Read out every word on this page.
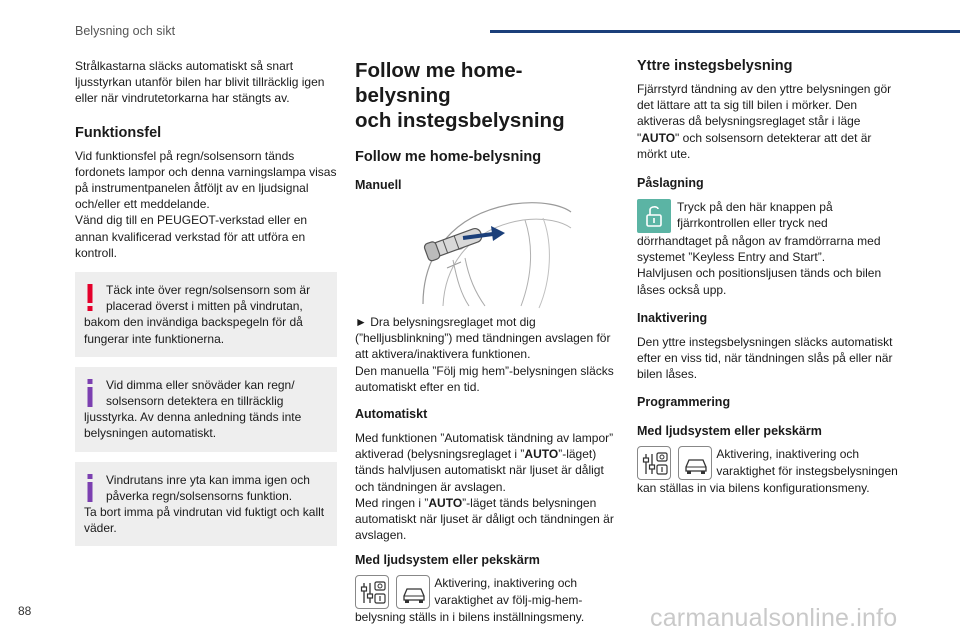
Belysning och sikt

Strålkastarna släcks automatiskt så snart ljusstyrkan utanför bilen har blivit tillräcklig igen eller när vindrutetorkarna har stängts av.

Funktionsfel

Vid funktionsfel på regn/solsensorn tänds fordonets lampor och denna varningslampa visas på instrumentpanelen åtföljt av en ljudsignal och/eller ett meddelande.
Vänd dig till en PEUGEOT-verkstad eller en annan kvalificerad verkstad för att utföra en kontroll.

Täck inte över regn/solsensorn som är

placerad överst i mitten på vindrutan,

bakom den invändiga backspegeln för då fungerar inte funktionerna.

Vid dimma eller snöväder kan regn/

solsensorn detektera en tillräcklig

ljusstyrka. Av denna anledning tänds inte belysningen automatiskt.

Vindrutans inre yta kan imma igen och

påverka regn/solsensorns funktion.

Ta bort imma på vindrutan vid fuktigt och kallt väder.

Follow me home-belysning
och instegsbelysning
Follow me home-belysning
Manuell

► Dra belysningsreglaget mot dig (”helljusblinkning”) med tändningen avslagen för att aktivera/inaktivera funktionen.
Den manuella ”Följ mig hem”-belysningen släcks automatiskt efter en tid.

Automatiskt

Med funktionen ”Automatisk tändning av lampor” aktiverad (belysningsreglaget i ”AUTO”-läget) tänds halvljusen automatiskt när ljuset är dåligt och tändningen är avslagen.
Med ringen i ”AUTO”-läget tänds belysningen automatiskt när ljuset är dåligt och tändningen är avslagen.

Med ljudsystem eller pekskärm

Aktivering, inaktivering och

varaktighet av följ-mig-hem-

belysning ställs in i bilens inställningsmeny.

Yttre instegsbelysning

Fjärrstyrd tändning av den yttre belysningen gör det lättare att ta sig till bilen i mörker. Den aktiveras då belysningsreglaget står i läge "AUTO" och solsensorn detekterar att det är mörkt ute.

Påslagning

Tryck på den här knappen på

fjärrkontrollen eller tryck ned

dörrhandtaget på någon av framdörrarna med systemet ”Keyless Entry and Start”.

Halvljusen och positionsljusen tänds och bilen låses också upp.

Inaktivering

Den yttre instegsbelysningen släcks automatiskt efter en viss tid, när tändningen slås på eller när bilen låses.

Programmering
Med ljudsystem eller pekskärm

Aktivering, inaktivering och

varaktighet för instegsbelysningen

kan ställas in via bilens konfigurationsmeny.

88	carmanualsonline.info
